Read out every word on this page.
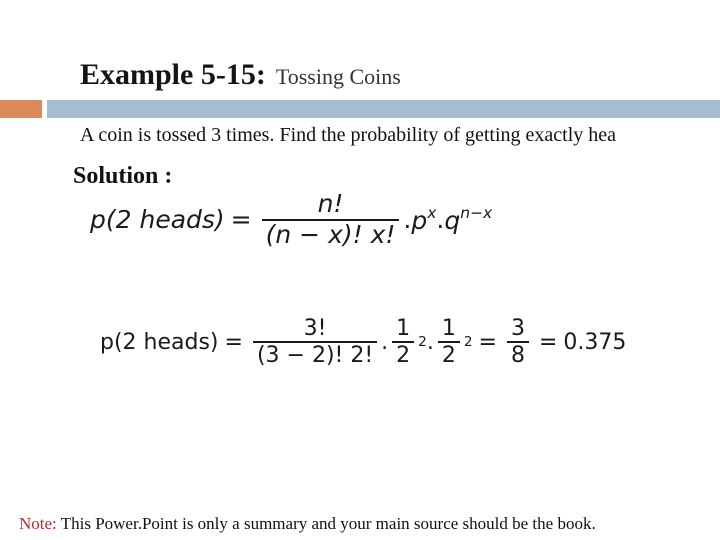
Example 5-15: Tossing Coins
A coin is tossed 3 times. Find the probability of getting exactly hea
Solution :
p(2 heads) = $\frac{n!}{(n - x)! x!}$ . $p^x$ . $q^{n-x}$
p(2 heads) = $\frac{3!}{(3 - 2)! 2!}$ . $\frac{1}{2} 2$ . $\frac{1}{2} 2 = \frac{3}{8} = 0.375$
Note: This Power.Point is only a summary and your main source should be the book.
